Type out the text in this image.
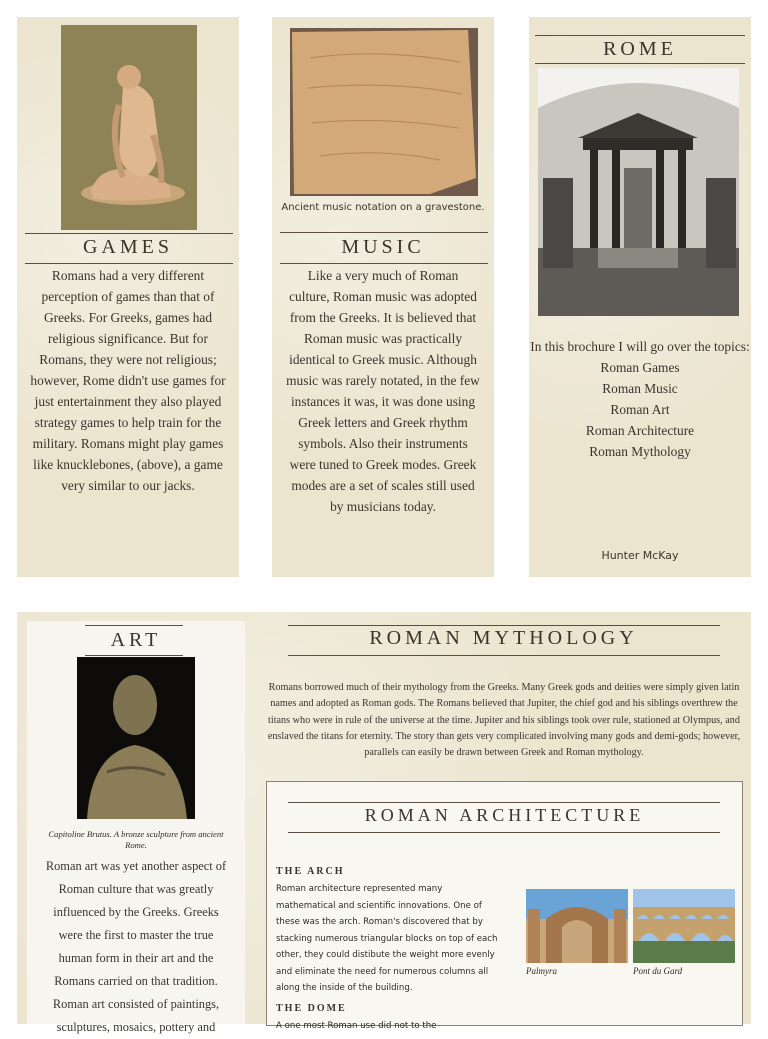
GAMES
Romans had a very different perception of games than that of Greeks. For Greeks, games had religious significance. But for Romans, they were not religious; however, Rome didn't use games for just entertainment they also played strategy games to help train for the military. Romans might play games like knucklebones, (above), a game very similar to our jacks.
Ancient music notation on a gravestone.
MUSIC
Like a very much of Roman culture, Roman music was adopted from the Greeks. It is believed that Roman music was practically identical to Greek music. Although music was rarely notated, in the few instances it was, it was done using Greek letters and Greek rhythm symbols. Also their instruments were tuned to Greek modes. Greek modes are a set of scales still used by musicians today.
ROME
In this brochure I will go over the topics:
Roman Games
Roman Music
Roman Art
Roman Architecture
Roman Mythology
Hunter McKay
ART
Capitoline Brutus. A bronze sculpture from ancient Rome.
Roman art was yet another aspect of Roman culture that was greatly influenced by the Greeks. Greeks were the first to master the true human form in their art and the Romans carried on that tradition. Roman art consisted of paintings, sculptures, mosaics, pottery and
ROMAN MYTHOLOGY
Romans borrowed much of their mythology from the Greeks. Many Greek gods and deities were simply given latin names and adopted as Roman gods. The Romans believed that Jupiter, the chief god and his siblings overthrew the titans who were in rule of the universe at the time. Jupiter and his siblings took over rule, stationed at Olympus, and enslaved the titans for eternity. The story than gets very complicated involving many gods and demi-gods; however, parallels can easily be drawn between Greek and Roman mythology.
ROMAN ARCHITECTURE
THE ARCH
Roman architecture represented many mathematical and scientific innovations. One of these was the arch. Roman's discovered that by stacking numerous triangular blocks on top of each other, they could distibute the weight more evenly and eliminate the need for numerous columns all along the inside of the building.
Palmyra	Pont du Gard
THE DOME
A one most Roman use did not to the
